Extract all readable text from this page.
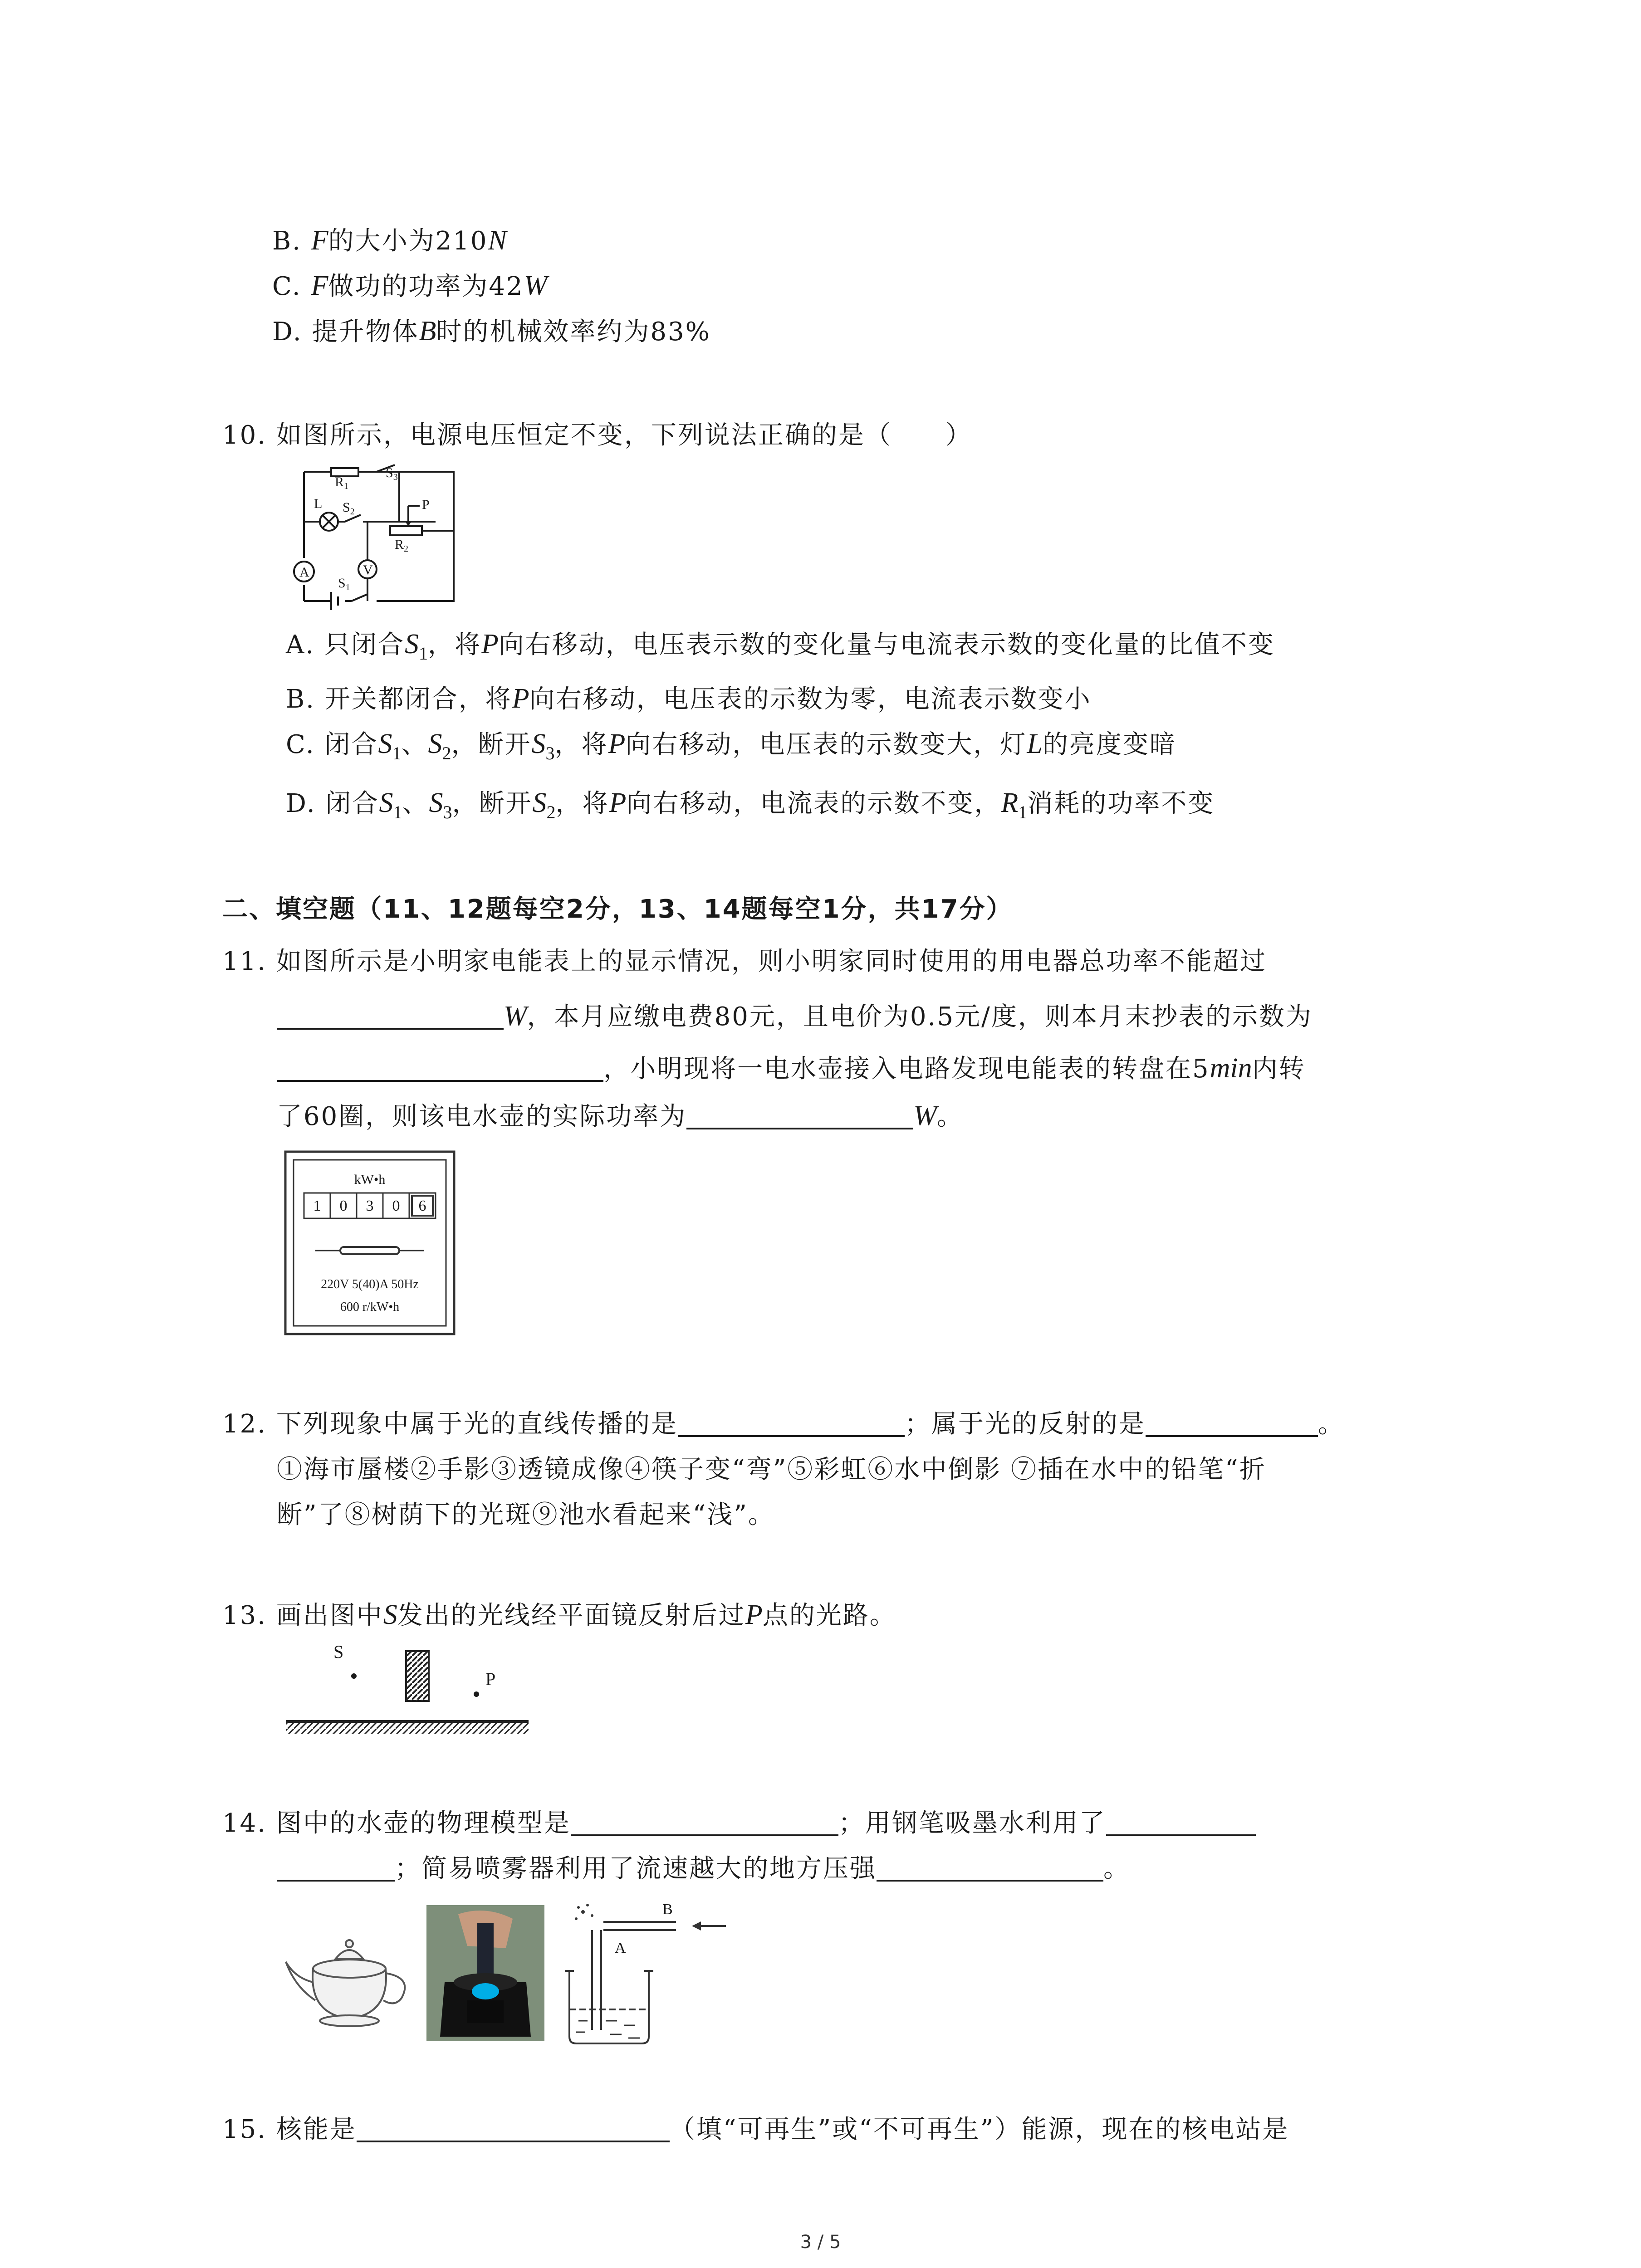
B. F的大小为210N
C. F做功的功率为42W
D. 提升物体B时的机械效率约为83%
10. 如图所示，电源电压恒定不变，下列说法正确的是（　　）
$R_1$
$S_3$
L $S_2$	P
$R_2$
A	V
$S_1$
A. 只闭合$S_1$，将P向右移动，电压表示数的变化量与电流表示数的变化量的比值不变
B. 开关都闭合，将P向右移动，电压表的示数为零，电流表示数变小
C. 闭合$S_1$、$S_2$，断开$S_3$，将P向右移动，电压表的示数变大，灯L的亮度变暗
D. 闭合$S_1$、$S_3$，断开$S_2$，将P向右移动，电流表的示数不变，$R_1$消耗的功率不变
二、填空题（11、12题每空2分，13、14题每空1分，共17分）
11. 如图所示是小明家电能表上的显示情况，则小明家同时使用的用电器总功率不能超过
W，本月应缴电费80元，且电价为0.5元/度，则本月末抄表的示数为
，小明现将一电水壶接入电路发现电能表的转盘在5min内转
了60圈，则该电水壶的实际功率为	W。
kW•h
1 0 3 0 6
220V 5(40)A 50Hz
600 r/kW•h
12. 下列现象中属于光的直线传播的是	；属于光的反射的是	。
①海市蜃楼②手影③透镜成像④筷子变“弯”⑤彩虹⑥水中倒影 ⑦插在水中的铅笔“折
断”了⑧树荫下的光斑⑨池水看起来“浅”。
13. 画出图中S发出的光线经平面镜反射后过P点的光路。
S
P
14. 图中的水壶的物理模型是	；用钢笔吸墨水利用了
；简易喷雾器利用了流速越大的地方压强	。
B
A
15. 核能是	（填“可再生”或“不可再生”）能源，现在的核电站是
3 / 5
